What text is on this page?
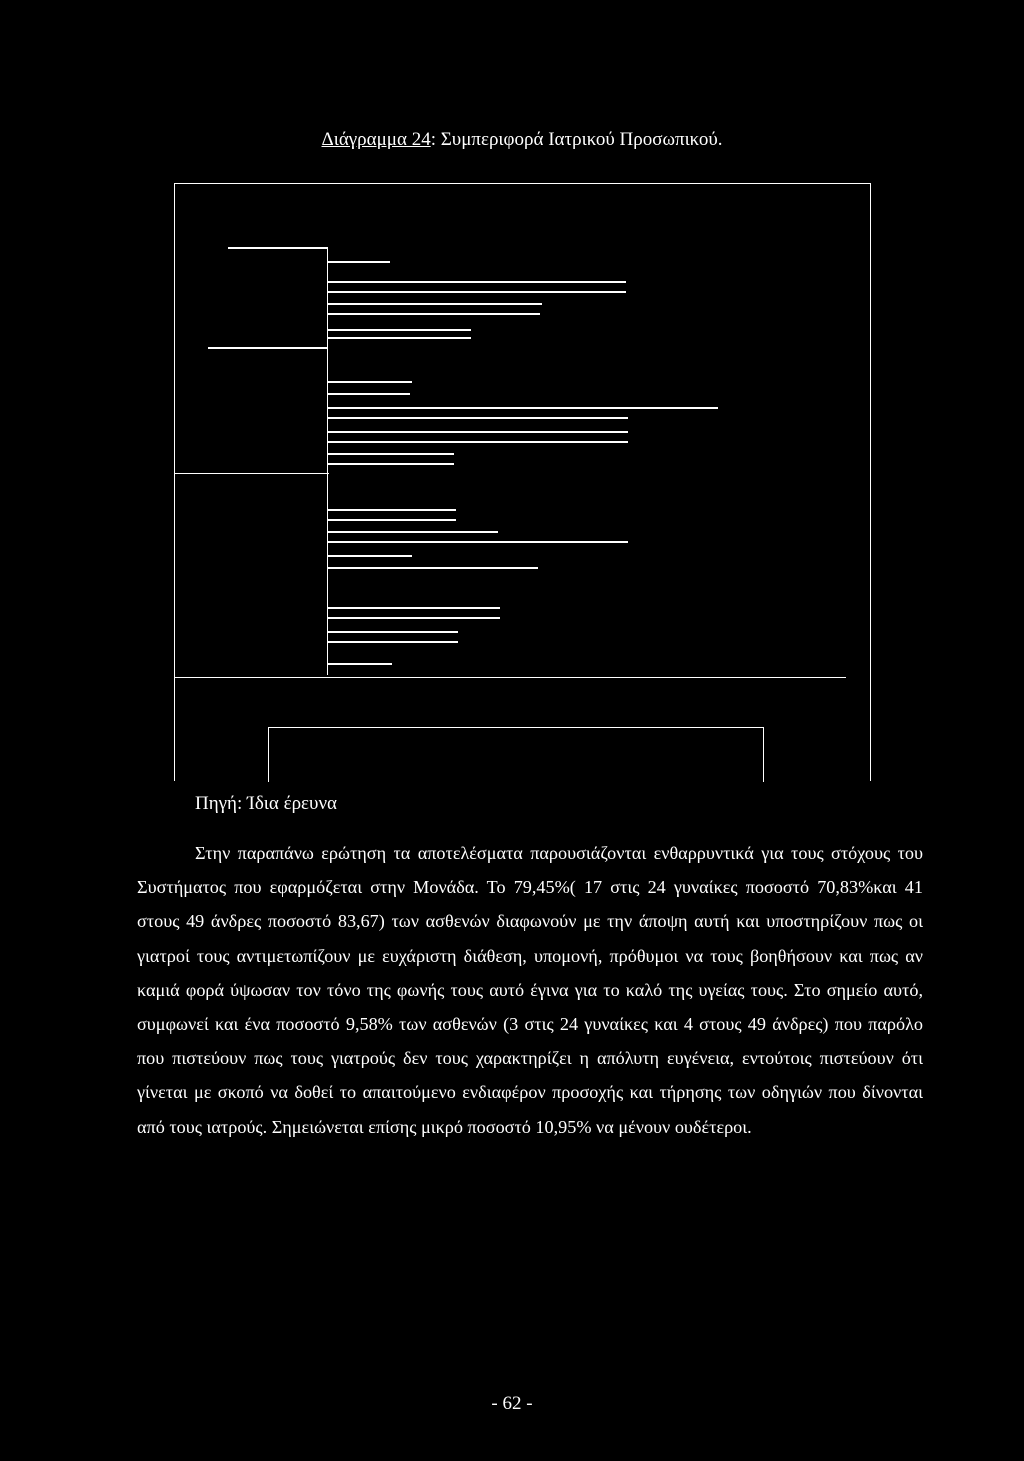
Διάγραμμα 24: Συμπεριφορά Ιατρικού Προσωπικού.
Πηγή: Ίδια έρευνα

Στην παραπάνω ερώτηση τα αποτελέσματα παρουσιάζονται ενθαρρυντικά για τους στόχους του Συστήματος που εφαρμόζεται στην Μονάδα. Το 79,45%( 17 στις 24 γυναίκες ποσοστό 70,83%και 41 στους 49 άνδρες ποσοστό 83,67) των ασθενών διαφωνούν με την άποψη αυτή και υποστηρίζουν πως οι γιατροί τους αντιμετωπίζουν με ευχάριστη διάθεση, υπομονή, πρόθυμοι να τους βοηθήσουν και πως αν καμιά φορά ύψωσαν τον τόνο της φωνής τους αυτό έγινα για το καλό της υγείας τους. Στο σημείο αυτό, συμφωνεί και ένα ποσοστό 9,58% των ασθενών (3 στις 24 γυναίκες και 4 στους 49 άνδρες) που παρόλο που πιστεύουν πως τους γιατρούς δεν τους χαρακτηρίζει η απόλυτη ευγένεια, εντούτοις πιστεύουν ότι γίνεται με σκοπό να δοθεί το απαιτούμενο ενδιαφέρον προσοχής και τήρησης των οδηγιών που δίνονται από τους ιατρούς. Σημειώνεται επίσης μικρό ποσοστό 10,95% να μένουν ουδέτεροι.

- 62 -
